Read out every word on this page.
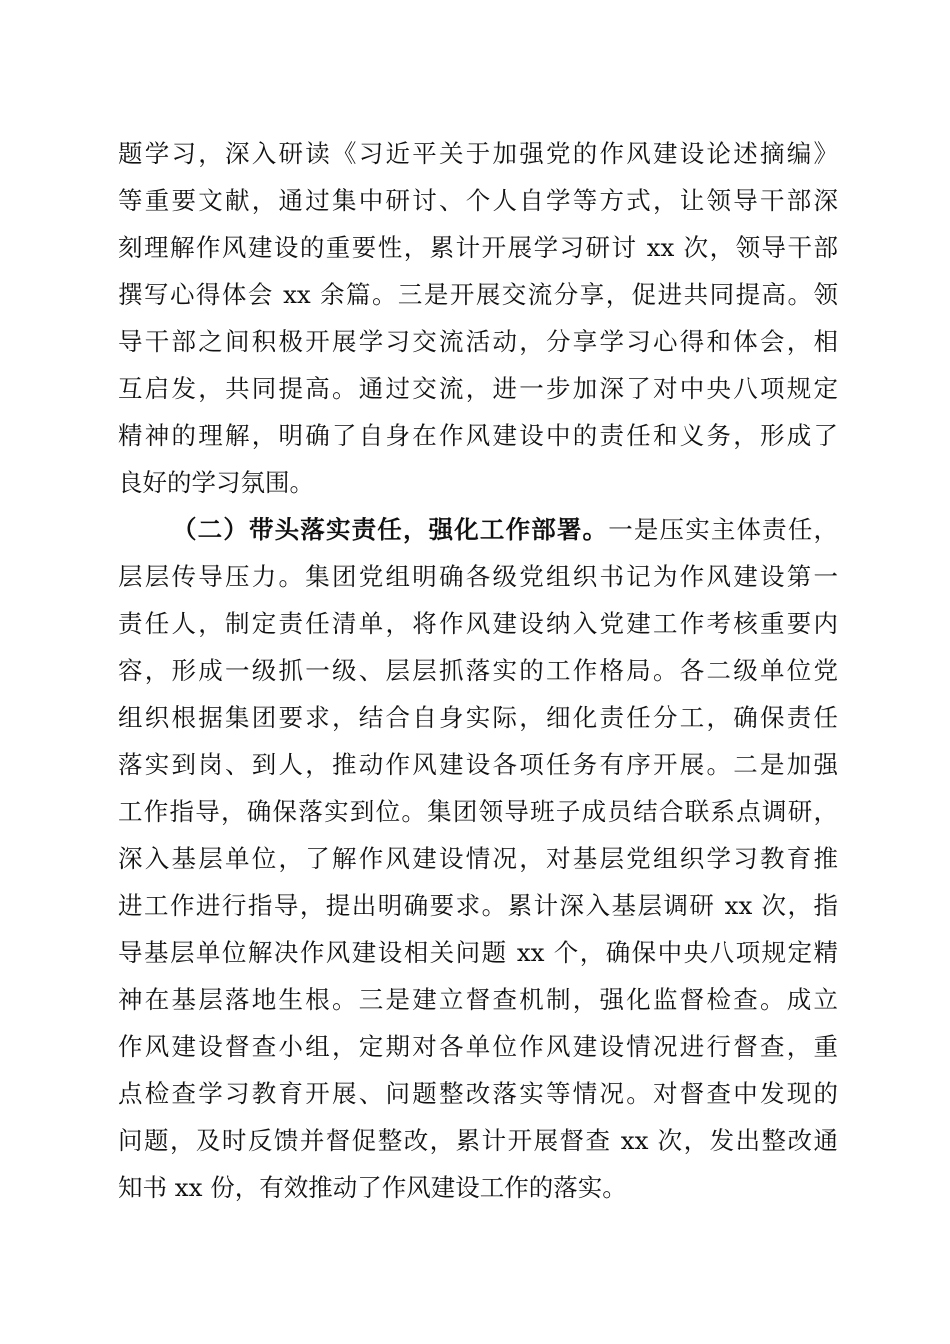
题学习，深入研读《习近平关于加强党的作风建设论述摘编》
等重要文献，通过集中研讨、个人自学等方式，让领导干部深
刻理解作风建设的重要性，累计开展学习研讨 xx 次，领导干部
撰写心得体会 xx 余篇。三是开展交流分享，促进共同提高。领
导干部之间积极开展学习交流活动，分享学习心得和体会，相
互启发，共同提高。通过交流，进一步加深了对中央八项规定
精神的理解，明确了自身在作风建设中的责任和义务，形成了
良好的学习氛围。
（二）带头落实责任，强化工作部署。一是压实主体责任，
层层传导压力。集团党组明确各级党组织书记为作风建设第一
责任人，制定责任清单，将作风建设纳入党建工作考核重要内
容，形成一级抓一级、层层抓落实的工作格局。各二级单位党
组织根据集团要求，结合自身实际，细化责任分工，确保责任
落实到岗、到人，推动作风建设各项任务有序开展。二是加强
工作指导，确保落实到位。集团领导班子成员结合联系点调研，
深入基层单位，了解作风建设情况，对基层党组织学习教育推
进工作进行指导，提出明确要求。累计深入基层调研 xx 次，指
导基层单位解决作风建设相关问题 xx 个，确保中央八项规定精
神在基层落地生根。三是建立督查机制，强化监督检查。成立
作风建设督查小组，定期对各单位作风建设情况进行督查，重
点检查学习教育开展、问题整改落实等情况。对督查中发现的
问题，及时反馈并督促整改，累计开展督查 xx 次，发出整改通
知书 xx 份，有效推动了作风建设工作的落实。
